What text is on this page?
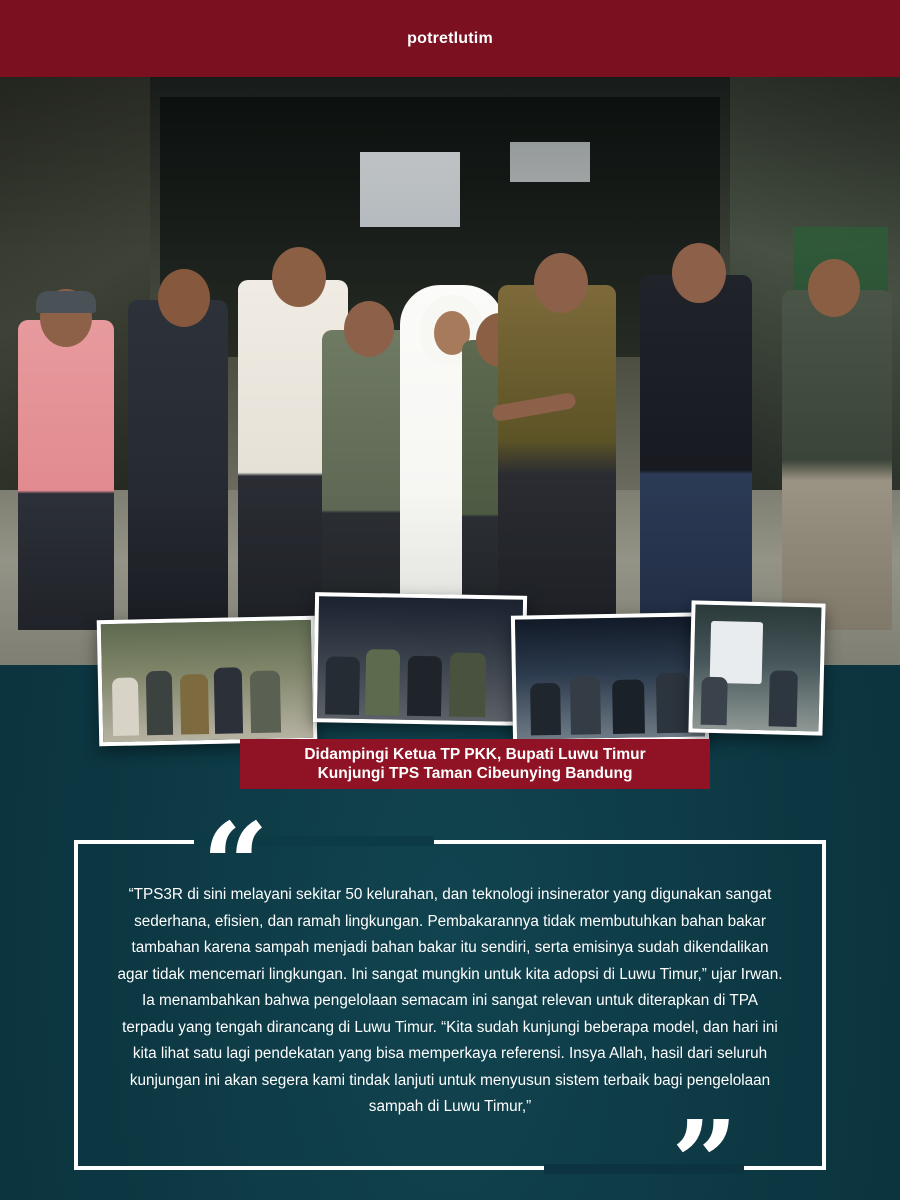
potretlutim
Didampingi Ketua TP PKK, Bupati Luwu Timur
Kunjungi TPS Taman Cibeunying Bandung
“
“TPS3R di sini melayani sekitar 50 kelurahan, dan teknologi insinerator yang digunakan sangat sederhana, efisien, dan ramah lingkungan. Pembakarannya tidak membutuhkan bahan bakar tambahan karena sampah menjadi bahan bakar itu sendiri, serta emisinya sudah dikendalikan agar tidak mencemari lingkungan. Ini sangat mungkin untuk kita adopsi di Luwu Timur,” ujar Irwan. Ia menambahkan bahwa pengelolaan semacam ini sangat relevan untuk diterapkan di TPA terpadu yang tengah dirancang di Luwu Timur. “Kita sudah kunjungi beberapa model, dan hari ini kita lihat satu lagi pendekatan yang bisa memperkaya referensi. Insya Allah, hasil dari seluruh kunjungan ini akan segera kami tindak lanjuti untuk menyusun sistem terbaik bagi pengelolaan sampah di Luwu Timur,”	”
